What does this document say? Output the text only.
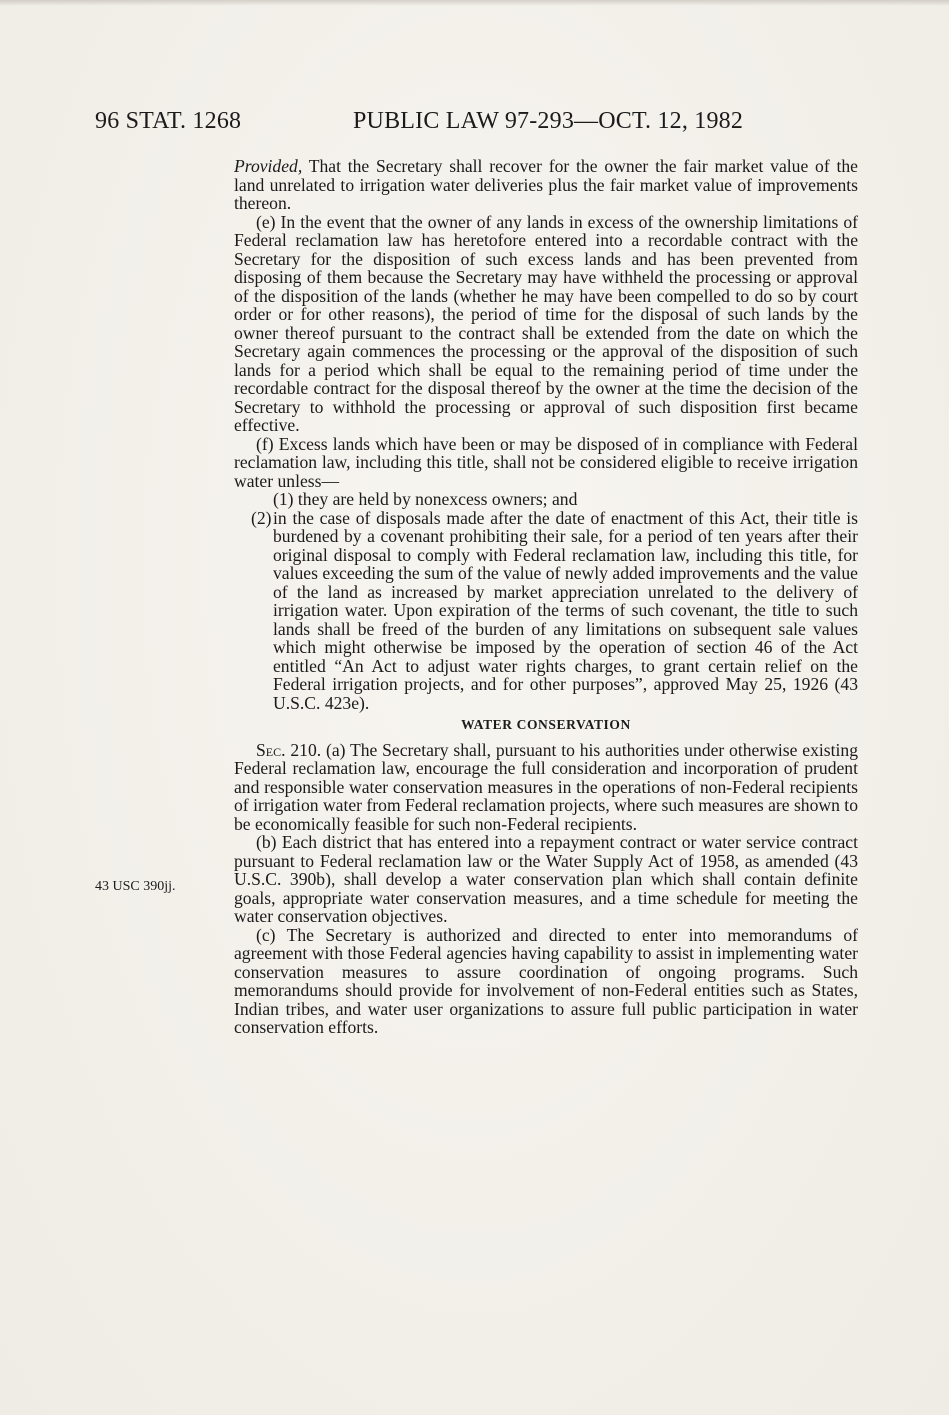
96 STAT. 1268	PUBLIC LAW 97-293—OCT. 12, 1982
43 USC 390jj.

Provided, That the Secretary shall recover for the owner the fair market value of the land unrelated to irrigation water deliveries plus the fair market value of improvements thereon.

(e) In the event that the owner of any lands in excess of the ownership limitations of Federal reclamation law has heretofore entered into a recordable contract with the Secretary for the disposition of such excess lands and has been prevented from disposing of them because the Secretary may have withheld the processing or approval of the disposition of the lands (whether he may have been compelled to do so by court order or for other reasons), the period of time for the disposal of such lands by the owner thereof pursuant to the contract shall be extended from the date on which the Secretary again commences the processing or the approval of the disposition of such lands for a period which shall be equal to the remaining period of time under the recordable contract for the disposal thereof by the owner at the time the decision of the Secretary to withhold the processing or approval of such disposition first became effective.

(f) Excess lands which have been or may be disposed of in compliance with Federal reclamation law, including this title, shall not be considered eligible to receive irrigation water unless—

(1) they are held by nonexcess owners; and

(2) in the case of disposals made after the date of enactment of this Act, their title is burdened by a covenant prohibiting their sale, for a period of ten years after their original disposal to comply with Federal reclamation law, including this title, for values exceeding the sum of the value of newly added improvements and the value of the land as increased by market appreciation unrelated to the delivery of irrigation water. Upon expiration of the terms of such covenant, the title to such lands shall be freed of the burden of any limitations on subsequent sale values which might otherwise be imposed by the operation of section 46 of the Act entitled “An Act to adjust water rights charges, to grant certain relief on the Federal irrigation projects, and for other purposes”, approved May 25, 1926 (43 U.S.C. 423e).

WATER CONSERVATION

Sec. 210. (a) The Secretary shall, pursuant to his authorities under otherwise existing Federal reclamation law, encourage the full consideration and incorporation of prudent and responsible water conservation measures in the operations of non-Federal recipients of irrigation water from Federal reclamation projects, where such measures are shown to be economically feasible for such non-Federal recipients.

(b) Each district that has entered into a repayment contract or water service contract pursuant to Federal reclamation law or the Water Supply Act of 1958, as amended (43 U.S.C. 390b), shall develop a water conservation plan which shall contain definite goals, appropriate water conservation measures, and a time schedule for meeting the water conservation objectives.

(c) The Secretary is authorized and directed to enter into memorandums of agreement with those Federal agencies having capability to assist in implementing water conservation measures to assure coordination of ongoing programs. Such memorandums should provide for involvement of non-Federal entities such as States, Indian tribes, and water user organizations to assure full public participation in water conservation efforts.
